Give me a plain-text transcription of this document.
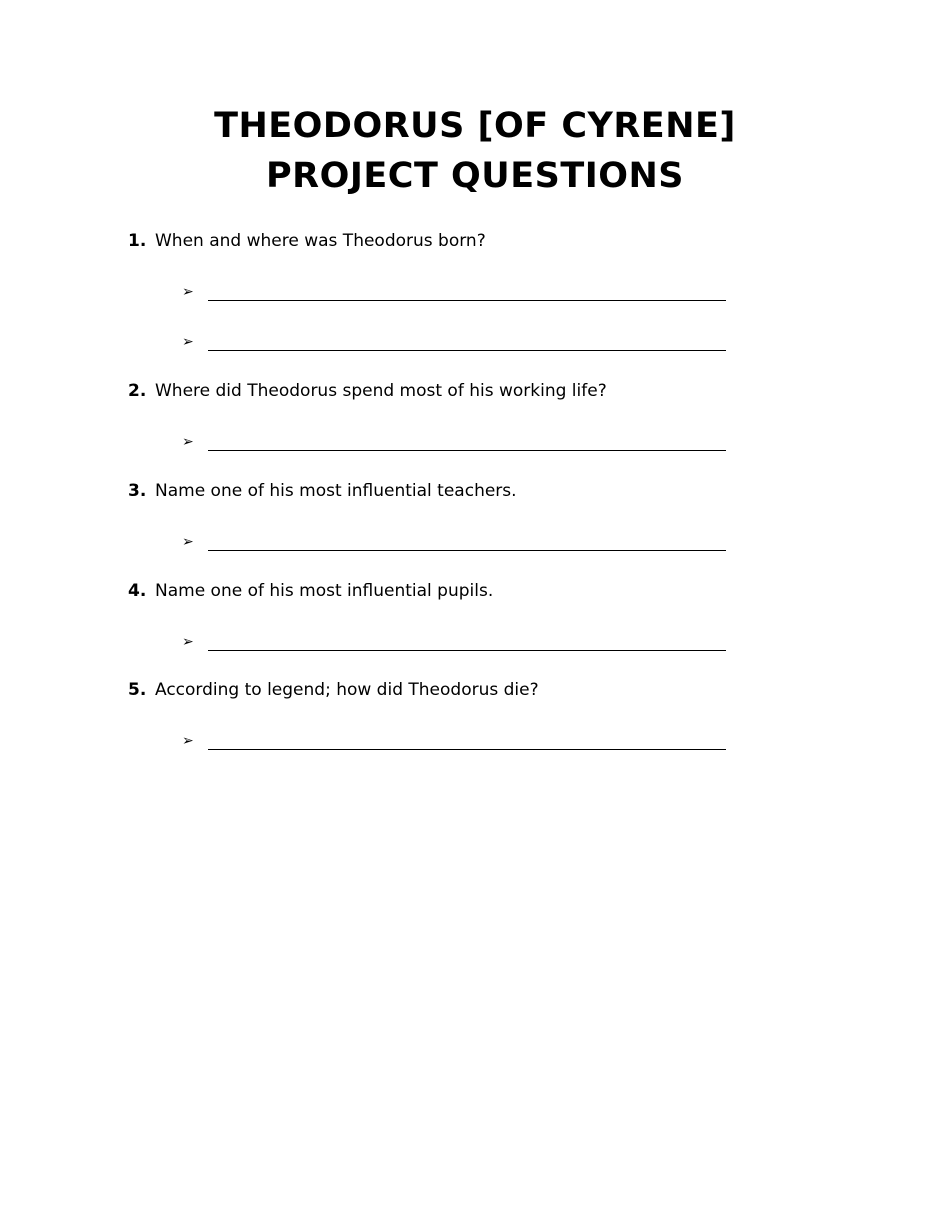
THEODORUS [OF CYRENE]
PROJECT QUESTIONS
1. When and where was Theodorus born?
➢
➢
2. Where did Theodorus spend most of his working life?
➢
3. Name one of his most influential teachers.
➢
4. Name one of his most influential pupils.
➢
5. According to legend; how did Theodorus die?
➢
